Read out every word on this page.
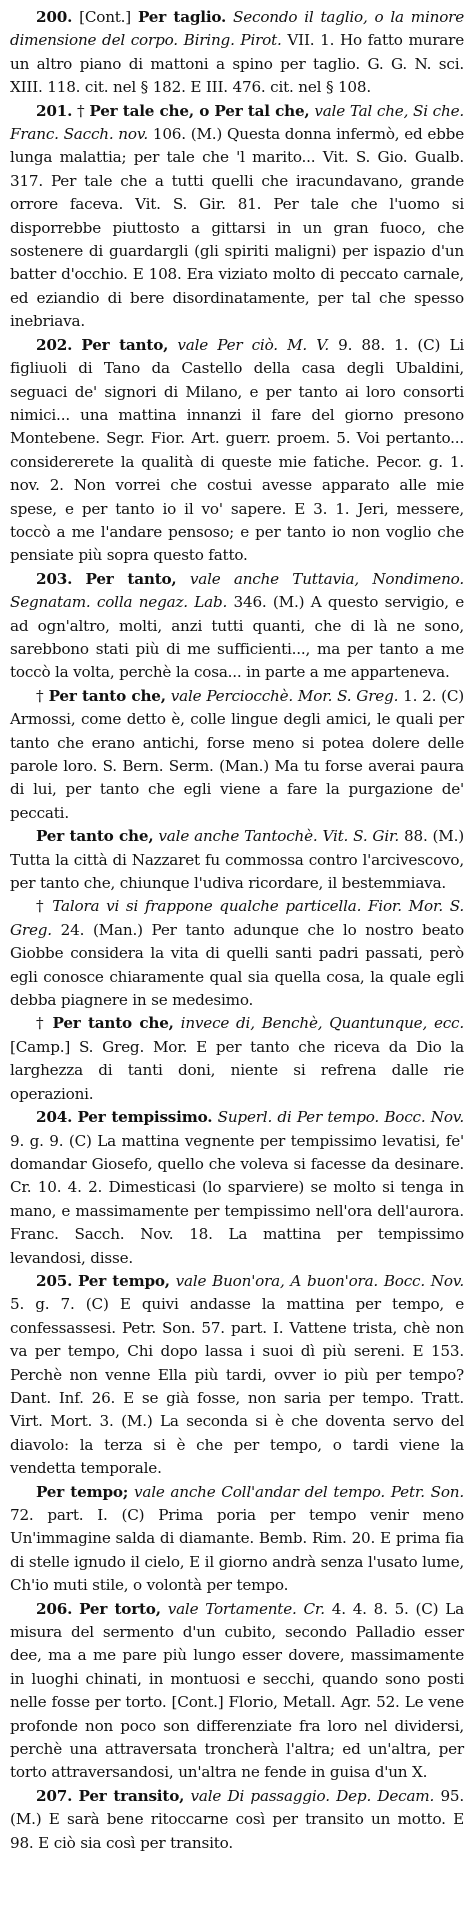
200. [Cont.] Per taglio. Secondo il taglio, o la minore dimensione del corpo. Biring. Pirot. VII. 1. Ho fatto murare un altro piano di mattoni a spino per taglio. G. G. N. sci. XIII. 118. cit. nel § 182. E III. 476. cit. nel § 108.

201. † Per tale che, o Per tal che, vale Tal che, Si che. Franc. Sacch. nov. 106. (M.) Questa donna infermò, ed ebbe lunga malattia; per tale che 'l marito... Vit. S. Gio. Gualb. 317. Per tale che a tutti quelli che iracundavano, grande orrore faceva. Vit. S. Gir. 81. Per tale che l'uomo si disporrebbe piuttosto a gittarsi in un gran fuoco, che sostenere di guardargli (gli spiriti maligni) per ispazio d'un batter d'occhio. E 108. Era viziato molto di peccato carnale, ed eziandio di bere disordinatamente, per tal che spesso inebriava.

202. Per tanto, vale Per ciò. M. V. 9. 88. 1. (C) Li figliuoli di Tano da Castello della casa degli Ubaldini, seguaci de' signori di Milano, e per tanto ai loro consorti nimici... una mattina innanzi il fare del giorno presono Montebene. Segr. Fior. Art. guerr. proem. 5. Voi pertanto... considererete la qualità di queste mie fatiche. Pecor. g. 1. nov. 2. Non vorrei che costui avesse apparato alle mie spese, e per tanto io il vo' sapere. E 3. 1. Jeri, messere, toccò a me l'andare pensoso; e per tanto io non voglio che pensiate più sopra questo fatto.

203. Per tanto, vale anche Tuttavia, Nondimeno. Segnatam. colla negaz. Lab. 346. (M.) A questo servigio, e ad ogn'altro, molti, anzi tutti quanti, che di là ne sono, sarebbono stati più di me sufficienti..., ma per tanto a me toccò la volta, perchè la cosa... in parte a me apparteneva.

† Per tanto che, vale Perciocchè. Mor. S. Greg. 1. 2. (C) Armossi, come detto è, colle lingue degli amici, le quali per tanto che erano antichi, forse meno si potea dolere delle parole loro. S. Bern. Serm. (Man.) Ma tu forse averai paura di lui, per tanto che egli viene a fare la purgazione de' peccati.

Per tanto che, vale anche Tantochè. Vit. S. Gir. 88. (M.) Tutta la città di Nazzaret fu commossa contro l'arcivescovo, per tanto che, chiunque l'udiva ricordare, il bestemmiava.

† Talora vi si frappone qualche particella. Fior. Mor. S. Greg. 24. (Man.) Per tanto adunque che lo nostro beato Giobbe considera la vita di quelli santi padri passati, però egli conosce chiaramente qual sia quella cosa, la quale egli debba piagnere in se medesimo.

† Per tanto che, invece di, Benchè, Quantunque, ecc. [Camp.] S. Greg. Mor. E per tanto che riceva da Dio la larghezza di tanti doni, niente si refrena dalle rie operazioni.

204. Per tempissimo. Superl. di Per tempo. Bocc. Nov. 9. g. 9. (C) La mattina vegnente per tempissimo levatisi, fe' domandar Giosefo, quello che voleva si facesse da desinare. Cr. 10. 4. 2. Dimesticasi (lo sparviere) se molto si tenga in mano, e massimamente per tempissimo nell'ora dell'aurora. Franc. Sacch. Nov. 18. La mattina per tempissimo levandosi, disse.

205. Per tempo, vale Buon'ora, A buon'ora. Bocc. Nov. 5. g. 7. (C) E quivi andasse la mattina per tempo, e confessassesi. Petr. Son. 57. part. I. Vattene trista, chè non va per tempo, Chi dopo lassa i suoi dì più sereni. E 153. Perchè non venne Ella più tardi, ovver io più per tempo? Dant. Inf. 26. E se già fosse, non saria per tempo. Tratt. Virt. Mort. 3. (M.) La seconda si è che doventa servo del diavolo: la terza si è che per tempo, o tardi viene la vendetta temporale.

Per tempo; vale anche Coll'andar del tempo. Petr. Son. 72. part. I. (C) Prima poria per tempo venir meno Un'immagine salda di diamante. Bemb. Rim. 20. E prima fia di stelle ignudo il cielo, E il giorno andrà senza l'usato lume, Ch'io muti stile, o volontà per tempo.

206. Per torto, vale Tortamente. Cr. 4. 4. 8. 5. (C) La misura del sermento d'un cubito, secondo Palladio esser dee, ma a me pare più lungo esser dovere, massimamente in luoghi chinati, in montuosi e secchi, quando sono posti nelle fosse per torto. [Cont.] Florio, Metall. Agr. 52. Le vene profonde non poco son differenziate fra loro nel dividersi, perchè una attraversata troncherà l'altra; ed un'altra, per torto attraversandosi, un'altra ne fende in guisa d'un X.

207. Per transito, vale Di passaggio. Dep. Decam. 95. (M.) E sarà bene ritoccarne così per transito un motto. E 98. E ciò sia così per transito.
